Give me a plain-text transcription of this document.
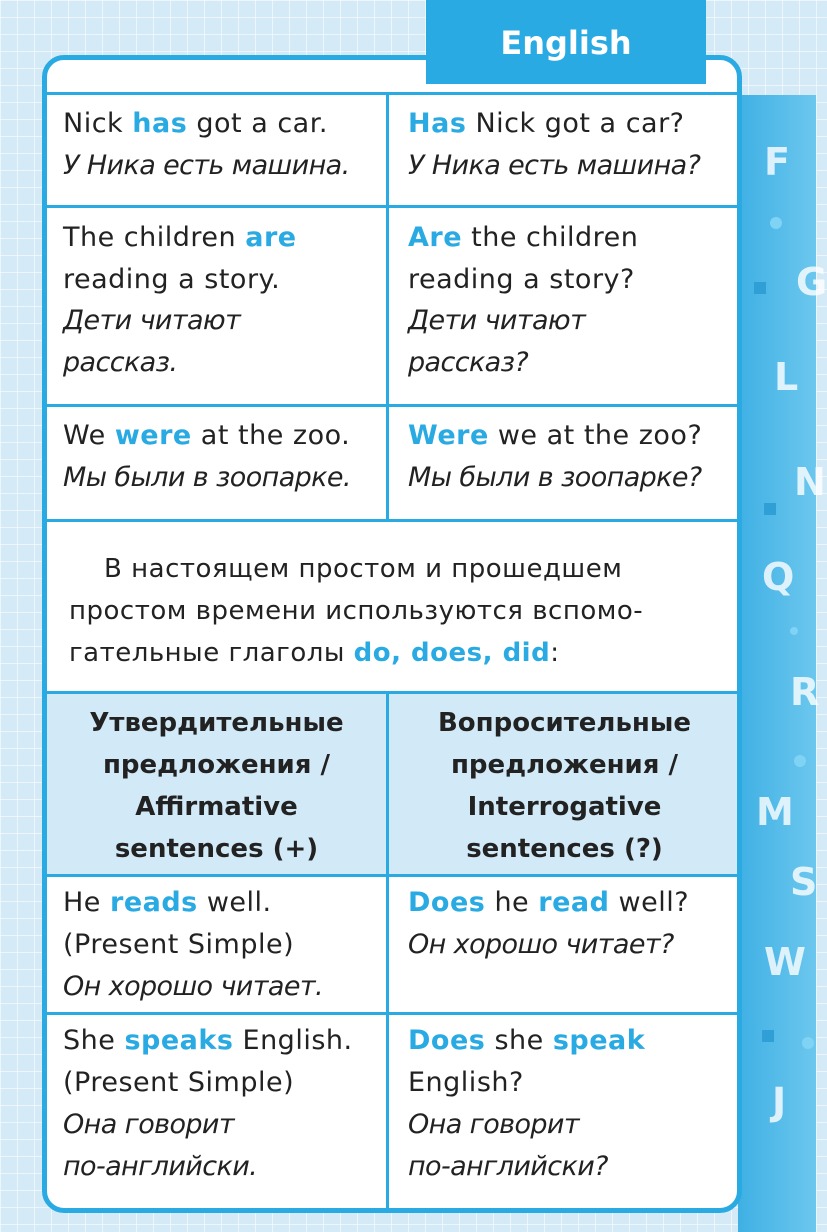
F
G
L
N
Q
R
M
S
W
J
English
Nick has got a car.
У Ника есть машина.
Has Nick got a car?
У Ника есть машина?
The children are
reading a story.
Дети читают
рассказ.
Are the children
reading a story?
Дети читают
рассказ?
We were at the zoo.
Мы были в зоопарке.
Were we at the zoo?
Мы были в зоопарке?
В настоящем простом и прошедшем
простом времени используются вспомо-
гательные глаголы do, does, did:
Утвердительные
предложения /
Affirmative
sentences (+)
Вопросительные
предложения /
Interrogative
sentences (?)
He reads well.
(Present Simple)
Он хорошо читает.
Does he read well?
Он хорошо читает?
She speaks English.
(Present Simple)
Она говорит
по-английски.
Does she speak
English?
Она говорит
по-английски?
